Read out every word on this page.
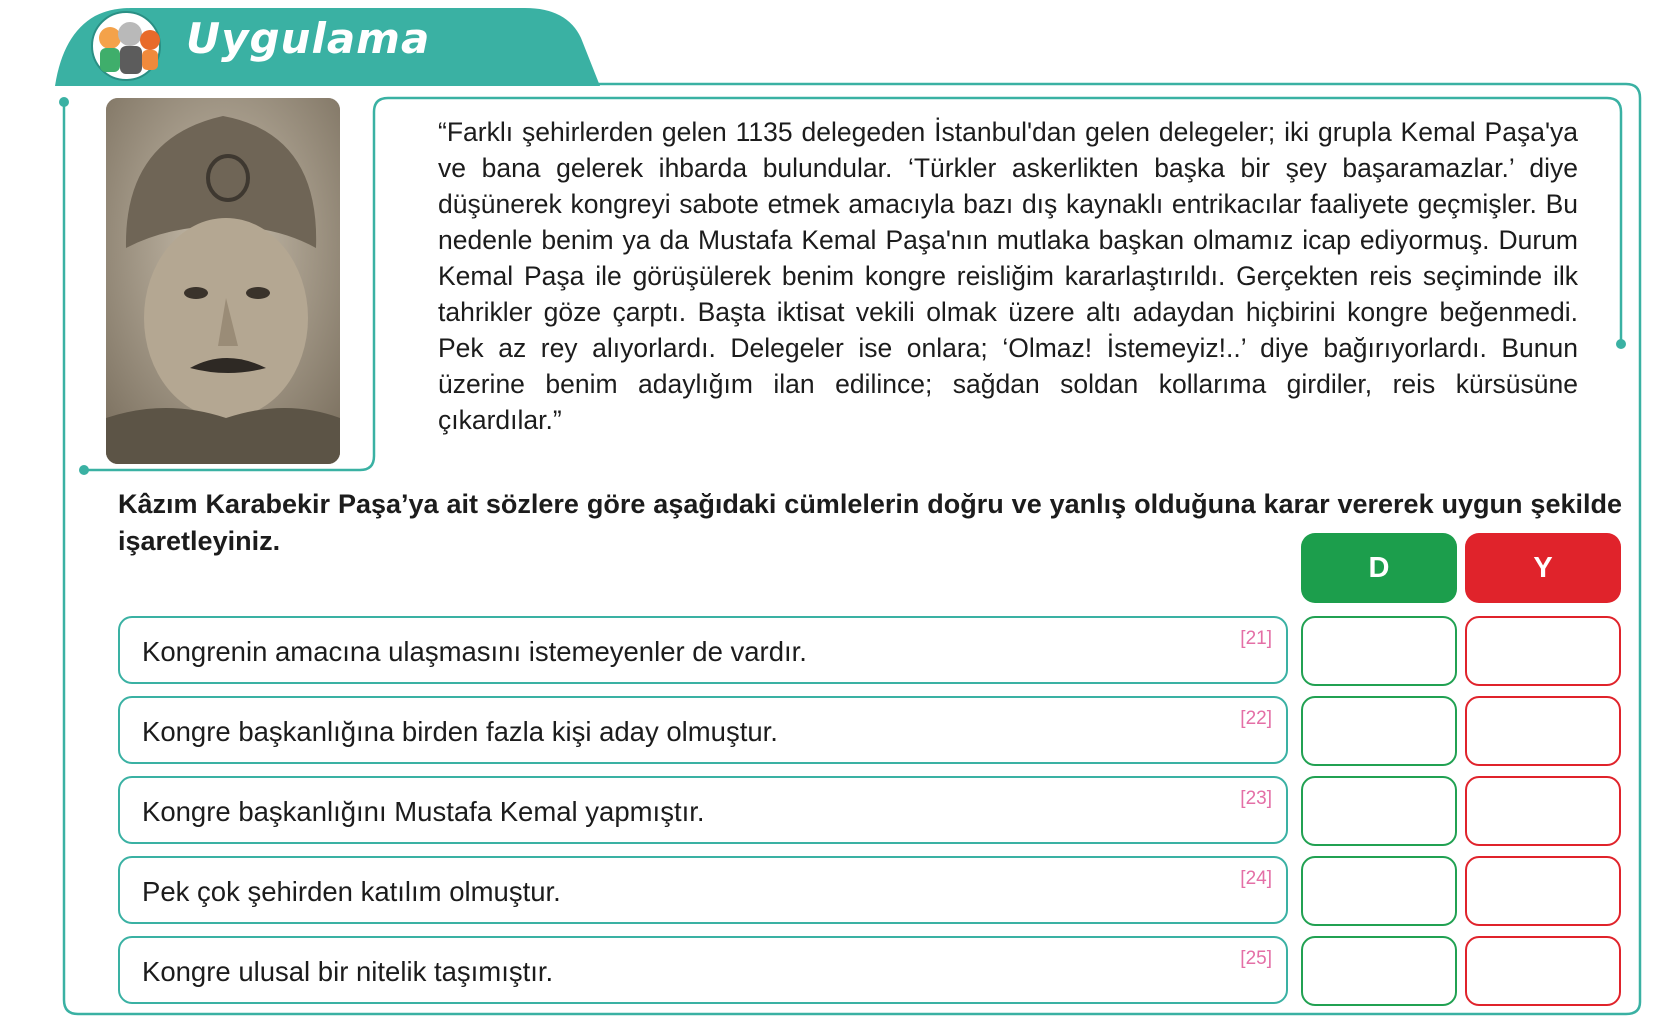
Uygulama
“Farklı şehirlerden gelen 1135 delegeden İstanbul'dan gelen delegeler; iki grupla Kemal Paşa'ya ve bana gelerek ihbarda bulundular. ‘Türkler askerlikten başka bir şey başaramazlar.’ diye düşünerek kongreyi sabote etmek amacıyla bazı dış kaynaklı entrikacılar faaliyete geçmişler. Bu nedenle benim ya da Mustafa Kemal Paşa'nın mutlaka başkan olmamız icap ediyormuş. Durum Kemal Paşa ile görüşülerek benim kongre reisliğim kararlaştırıldı. Gerçekten reis seçiminde ilk tahrikler göze çarptı. Başta iktisat vekili olmak üzere altı adaydan hiçbirini kongre beğenmedi. Pek az rey alıyorlardı. Delegeler ise onlara; ‘Olmaz! İstemeyiz!..’ diye bağırıyorlardı. Bunun üzerine benim adaylığım ilan edilince; sağdan soldan kollarıma girdiler, reis kürsüsüne çıkardılar.”
Kâzım Karabekir Paşa’ya ait sözlere göre aşağıdaki cümlelerin doğru ve yanlış olduğuna karar vererek uygun şekilde işaretleyiniz.
D	Y
Kongrenin amacına ulaşmasını istemeyenler de vardır.	[21]
Kongre başkanlığına birden fazla kişi aday olmuştur.	[22]
Kongre başkanlığını Mustafa Kemal yapmıştır.	[23]
Pek çok şehirden katılım olmuştur.	[24]
Kongre ulusal bir nitelik taşımıştır.	[25]
